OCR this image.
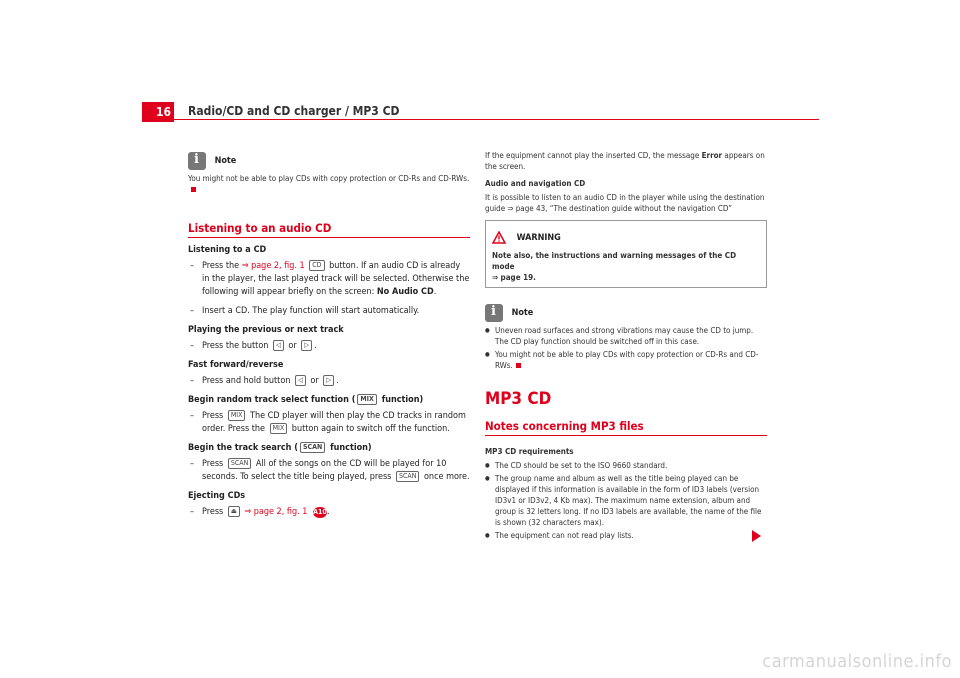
16 Radio/CD and CD charger / MP3 CD
i Note
You might not be able to play CDs with copy protection or CD-Rs and CD-RWs.
Listening to an audio CD
Listening to a CD
– Press the ⇒ page 2, fig. 1 CD button. If an audio CD is already in the player, the last played track will be selected. Otherwise the following will appear briefly on the screen: No Audio CD.
– Insert a CD. The play function will start automatically.
Playing the previous or next track
– Press the button ◁ or ▷ .
Fast forward/reverse
– Press and hold button ◁ or ▷ .
Begin random track select function ( MIX function)
– Press MIX The CD player will then play the CD tracks in random order. Press the MIX button again to switch off the function.
Begin the track search ( SCAN function)
– Press SCAN All of the songs on the CD will be played for 10 seconds. To select the title being played, press SCAN once more.
Ejecting CDs
– Press ⏏ ⇒ page 2, fig. 1 A10.
If the equipment cannot play the inserted CD, the message Error appears on the screen.
Audio and navigation CD
It is possible to listen to an audio CD in the player while using the destination guide ⇒ page 43, “The destination guide without the navigation CD”
WARNING
Note also, the instructions and warning messages of the CD mode
⇒ page 19.
i Note
● Uneven road surfaces and strong vibrations may cause the CD to jump. The CD play function should be switched off in this case.
● You might not be able to play CDs with copy protection or CD-Rs and CD-RWs.
MP3 CD
Notes concerning MP3 files
MP3 CD requirements
● The CD should be set to the ISO 9660 standard.
● The group name and album as well as the title being played can be displayed if this information is available in the form of ID3 labels (version ID3v1 or ID3v2, 4 Kb max). The maximum name extension, album and group is 32 letters long. If no ID3 labels are available, the name of the file is shown (32 characters max).
● The equipment can not read play lists.
carmanualsonline.info
